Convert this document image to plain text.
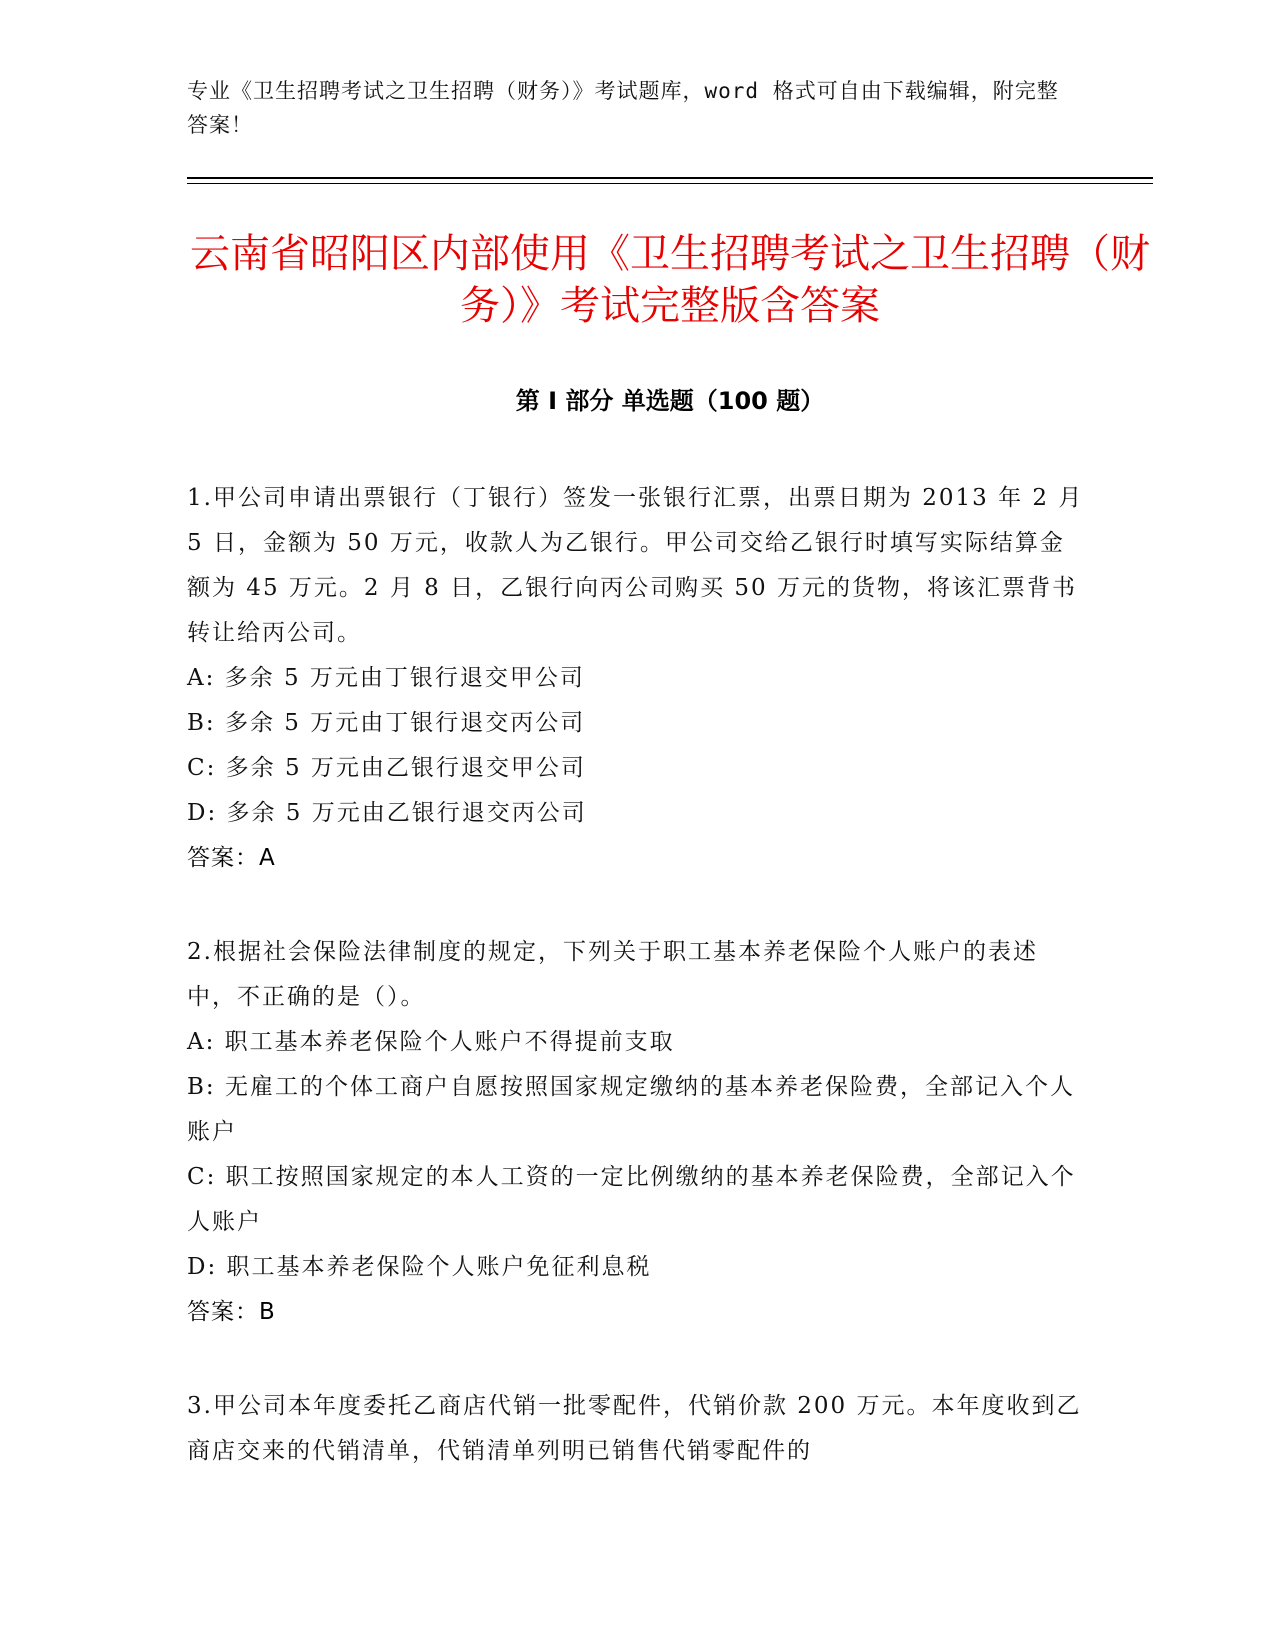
专业《卫生招聘考试之卫生招聘（财务）》考试题库，word 格式可自由下载编辑，附完整答案！
云南省昭阳区内部使用《卫生招聘考试之卫生招聘（财务）》考试完整版含答案
第 I 部分 单选题（100 题）
1.甲公司申请出票银行（丁银行）签发一张银行汇票，出票日期为 2013 年 2 月 5 日，金额为 50 万元，收款人为乙银行。甲公司交给乙银行时填写实际结算金额为 45 万元。2 月 8 日，乙银行向丙公司购买 50 万元的货物，将该汇票背书转让给丙公司。
A: 多余 5 万元由丁银行退交甲公司
B: 多余 5 万元由丁银行退交丙公司
C: 多余 5 万元由乙银行退交甲公司
D: 多余 5 万元由乙银行退交丙公司
答案：A
2.根据社会保险法律制度的规定，下列关于职工基本养老保险个人账户的表述中，不正确的是（）。
A: 职工基本养老保险个人账户不得提前支取
B: 无雇工的个体工商户自愿按照国家规定缴纳的基本养老保险费，全部记入个人账户
C: 职工按照国家规定的本人工资的一定比例缴纳的基本养老保险费，全部记入个人账户
D: 职工基本养老保险个人账户免征利息税
答案：B
3.甲公司本年度委托乙商店代销一批零配件，代销价款 200 万元。本年度收到乙商店交来的代销清单，代销清单列明已销售代销零配件的
